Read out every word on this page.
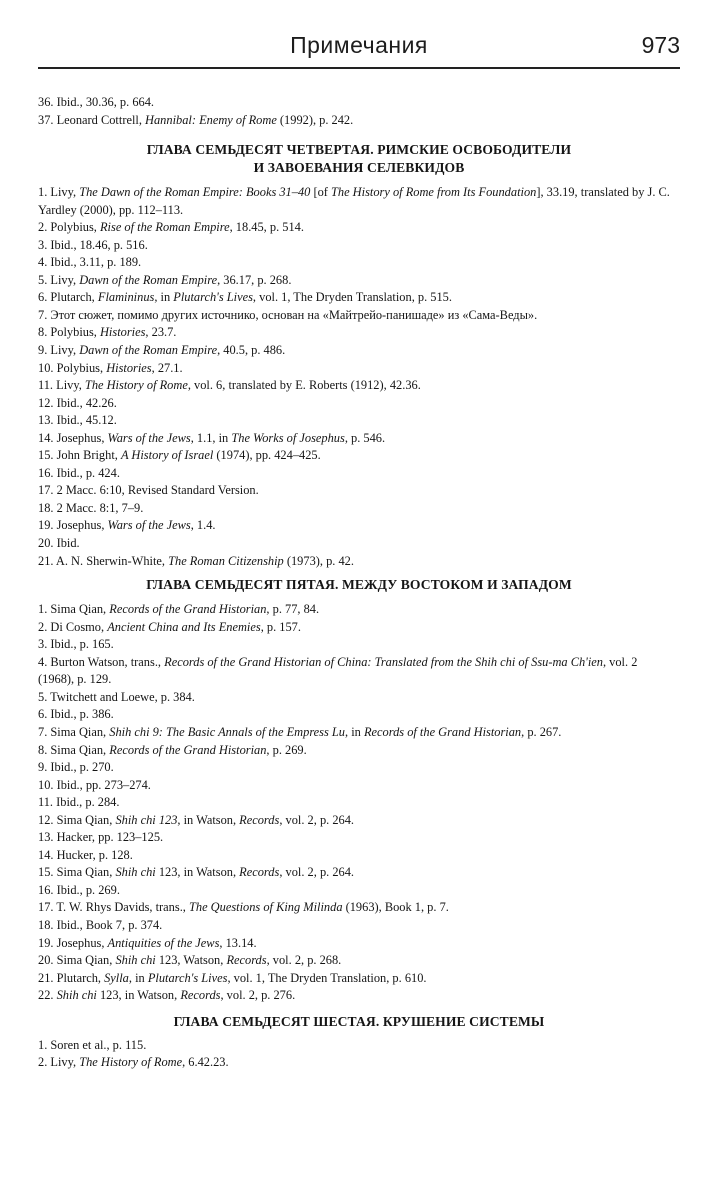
Примечания	973
36. Ibid., 30.36, p. 664.
37. Leonard Cottrell, Hannibal: Enemy of Rome (1992), p. 242.
ГЛАВА СЕМЬДЕСЯТ ЧЕТВЕРТАЯ. РИМСКИЕ ОСВОБОДИТЕЛИ
И ЗАВОЕВАНИЯ СЕЛЕВКИДОВ
1. Livy, The Dawn of the Roman Empire: Books 31–40 [of The History of Rome from Its Foundation], 33.19, translated by J. C. Yardley (2000), pp. 112–113.
2. Polybius, Rise of the Roman Empire, 18.45, p. 514.
3. Ibid., 18.46, p. 516.
4. Ibid., 3.11, p. 189.
5. Livy, Dawn of the Roman Empire, 36.17, p. 268.
6. Plutarch, Flamininus, in Plutarch's Lives, vol. 1, The Dryden Translation, p. 515.
7. Этот сюжет, помимо других источнико, основан на «Майтрейо-панишаде» из «Сама-Веды».
8. Polybius, Histories, 23.7.
9. Livy, Dawn of the Roman Empire, 40.5, p. 486.
10. Polybius, Histories, 27.1.
11. Livy, The History of Rome, vol. 6, translated by E. Roberts (1912), 42.36.
12. Ibid., 42.26.
13. Ibid., 45.12.
14. Josephus, Wars of the Jews, 1.1, in The Works of Josephus, p. 546.
15. John Bright, A History of Israel (1974), pp. 424–425.
16. Ibid., p. 424.
17. 2 Macc. 6:10, Revised Standard Version.
18. 2 Macc. 8:1, 7–9.
19. Josephus, Wars of the Jews, 1.4.
20. Ibid.
21. A. N. Sherwin-White, The Roman Citizenship (1973), p. 42.
ГЛАВА СЕМЬДЕСЯТ ПЯТАЯ. МЕЖДУ ВОСТОКОМ И ЗАПАДОМ
1. Sima Qian, Records of the Grand Historian, p. 77, 84.
2. Di Cosmo, Ancient China and Its Enemies, p. 157.
3. Ibid., p. 165.
4. Burton Watson, trans., Records of the Grand Historian of China: Translated from the Shih chi of Ssu-ma Ch'ien, vol. 2 (1968), p. 129.
5. Twitchett and Loewe, p. 384.
6. Ibid., p. 386.
7. Sima Qian, Shih chi 9: The Basic Annals of the Empress Lu, in Records of the Grand Historian, p. 267.
8. Sima Qian, Records of the Grand Historian, p. 269.
9. Ibid., p. 270.
10. Ibid., pp. 273–274.
11. Ibid., p. 284.
12. Sima Qian, Shih chi 123, in Watson, Records, vol. 2, p. 264.
13. Hacker, pp. 123–125.
14. Hucker, p. 128.
15. Sima Qian, Shih chi 123, in Watson, Records, vol. 2, p. 264.
16. Ibid., p. 269.
17. T. W. Rhys Davids, trans., The Questions of King Milinda (1963), Book 1, p. 7.
18. Ibid., Book 7, p. 374.
19. Josephus, Antiquities of the Jews, 13.14.
20. Sima Qian, Shih chi 123, Watson, Records, vol. 2, p. 268.
21. Plutarch, Sylla, in Plutarch's Lives, vol. 1, The Dryden Translation, p. 610.
22. Shih chi 123, in Watson, Records, vol. 2, p. 276.
ГЛАВА СЕМЬДЕСЯТ ШЕСТАЯ. КРУШЕНИЕ СИСТЕМЫ
1. Soren et al., p. 115.
2. Livy, The History of Rome, 6.42.23.
